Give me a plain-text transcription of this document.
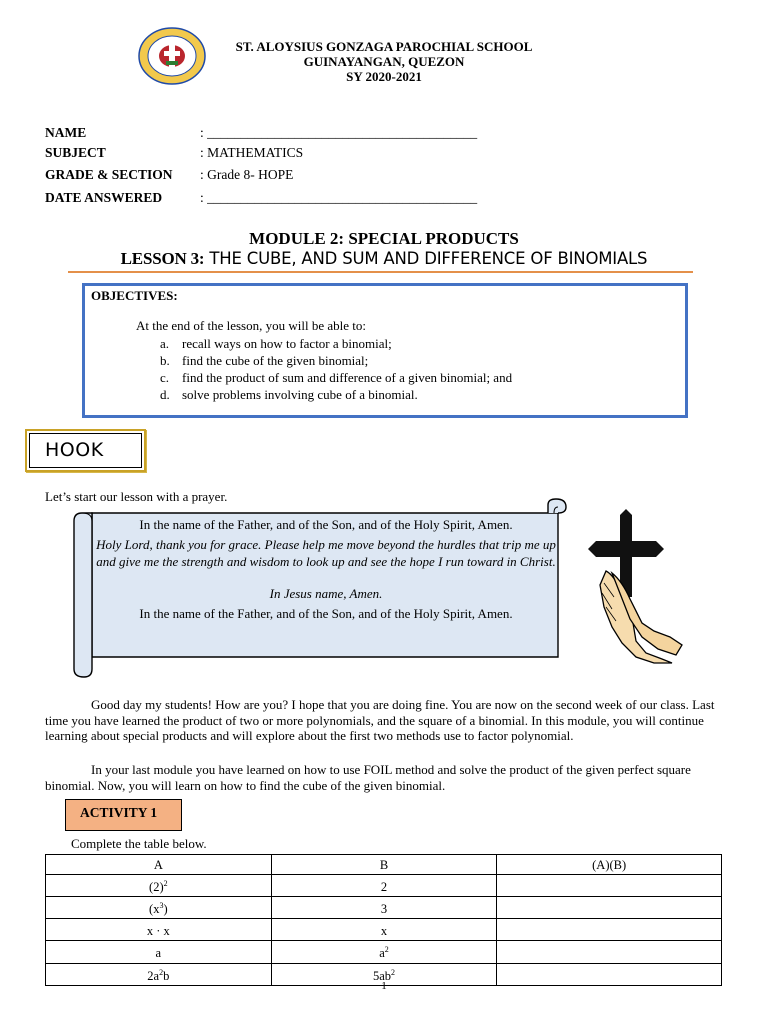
ST. ALOYSIUS GONZAGA PAROCHIAL SCHOOL
GUINAYANGAN, QUEZON
SY 2020-2021
NAME	: ________________________________________
SUBJECT	: MATHEMATICS
GRADE & SECTION : Grade 8- HOPE
DATE ANSWERED	: ________________________________________
MODULE 2: SPECIAL PRODUCTS
LESSON 3: THE CUBE, AND SUM AND DIFFERENCE OF BINOMIALS
OBJECTIVES:
At the end of the lesson, you will be able to:
a. recall ways on how to factor a binomial;
b. find the cube of the given binomial;
c. find the product of sum and difference of a given binomial; and
d. solve problems involving cube of a binomial.
HOOK
Let’s start our lesson with a prayer.
In the name of the Father, and of the Son, and of the Holy Spirit, Amen.
Holy Lord, thank you for grace. Please help me move beyond the hurdles that trip me up and give me the strength and wisdom to look up and see the hope I run toward in Christ.
In Jesus name, Amen.
In the name of the Father, and of the Son, and of the Holy Spirit, Amen.
Good day my students! How are you? I hope that you are doing fine. You are now on the second week of our class. Last time you have learned the product of two or more polynomials, and the square of a binomial. In this module, you will continue learning about special products and will explore about the first two methods use to factor polynomial.
In your last module you have learned on how to use FOIL method and solve the product of the given perfect square binomial. Now, you will learn on how to find the cube of the given binomial.
ACTIVITY 1
Complete the table below.
A	B	(A)(B)
$(2)^2$	2	
$(x^3)$	3	
x · x	x	
a	$a^2$	
$2a^2b$	$5ab^2$	
1
